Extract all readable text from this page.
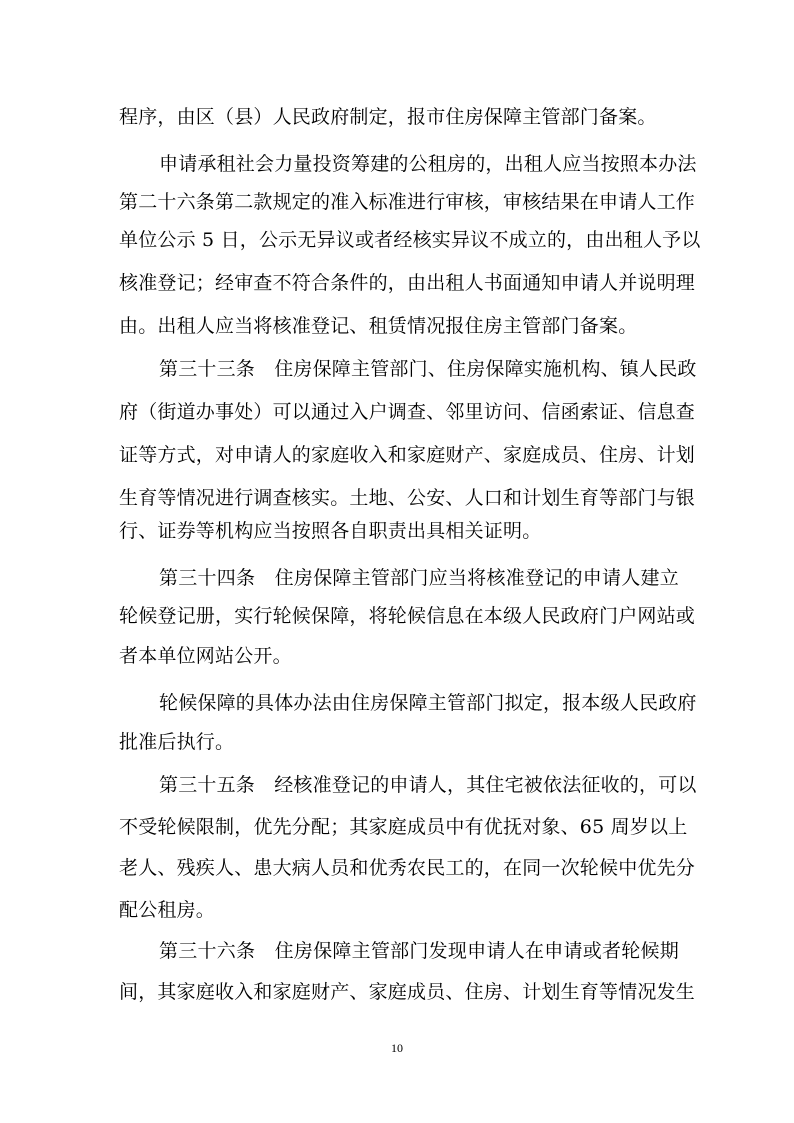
程序，由区（县）人民政府制定，报市住房保障主管部门备案。
申请承租社会力量投资筹建的公租房的，出租人应当按照本办法
第二十六条第二款规定的准入标准进行审核，审核结果在申请人工作
单位公示 5 日，公示无异议或者经核实异议不成立的，由出租人予以
核准登记；经审查不符合条件的，由出租人书面通知申请人并说明理
由。出租人应当将核准登记、租赁情况报住房主管部门备案。
第三十三条　住房保障主管部门、住房保障实施机构、镇人民政
府（街道办事处）可以通过入户调查、邻里访问、信函索证、信息查
证等方式，对申请人的家庭收入和家庭财产、家庭成员、住房、计划
生育等情况进行调查核实。土地、公安、人口和计划生育等部门与银
行、证券等机构应当按照各自职责出具相关证明。
第三十四条　住房保障主管部门应当将核准登记的申请人建立
轮候登记册，实行轮候保障，将轮候信息在本级人民政府门户网站或
者本单位网站公开。
轮候保障的具体办法由住房保障主管部门拟定，报本级人民政府
批准后执行。
第三十五条　经核准登记的申请人，其住宅被依法征收的，可以
不受轮候限制，优先分配；其家庭成员中有优抚对象、65 周岁以上
老人、残疾人、患大病人员和优秀农民工的，在同一次轮候中优先分
配公租房。
第三十六条　住房保障主管部门发现申请人在申请或者轮候期
间，其家庭收入和家庭财产、家庭成员、住房、计划生育等情况发生
10
